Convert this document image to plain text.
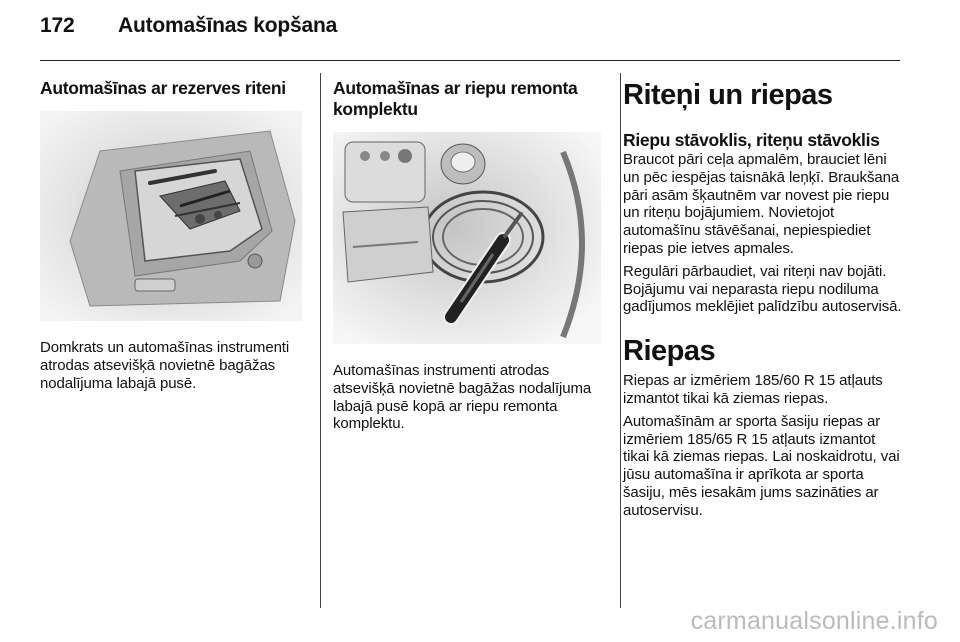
172 Automašīnas kopšana
Automašīnas ar rezerves riteni

Domkrats un automašīnas instrumenti atrodas atsevišķā novietnē bagāžas nodalījuma labajā pusē.

Automašīnas ar riepu remonta komplektu

Automašīnas instrumenti atrodas atsevišķā novietnē bagāžas nodalījuma labajā pusē kopā ar riepu remonta komplektu.

Riteņi un riepas
Riepu stāvoklis, riteņu stāvoklis

Braucot pāri ceļa apmalēm, brauciet lēni un pēc iespējas taisnākā leņķī. Braukšana pāri asām šķautnēm var novest pie riepu un riteņu bojājumiem. Novietojot automašīnu stāvēšanai, nepiespiediet riepas pie ietves apmales.

Regulāri pārbaudiet, vai riteņi nav bojāti. Bojājumu vai neparasta riepu nodiluma gadījumos meklējiet palīdzību autoservisā.

Riepas

Riepas ar izmēriem 185/60 R 15 atļauts izmantot tikai kā ziemas riepas.

Automašīnām ar sporta šasiju riepas ar izmēriem 185/65 R 15 atļauts izmantot tikai kā ziemas riepas. Lai noskaidrotu, vai jūsu automašīna ir aprīkota ar sporta šasiju, mēs iesakām jums sazināties ar autoservisu.

carmanualsonline.info
